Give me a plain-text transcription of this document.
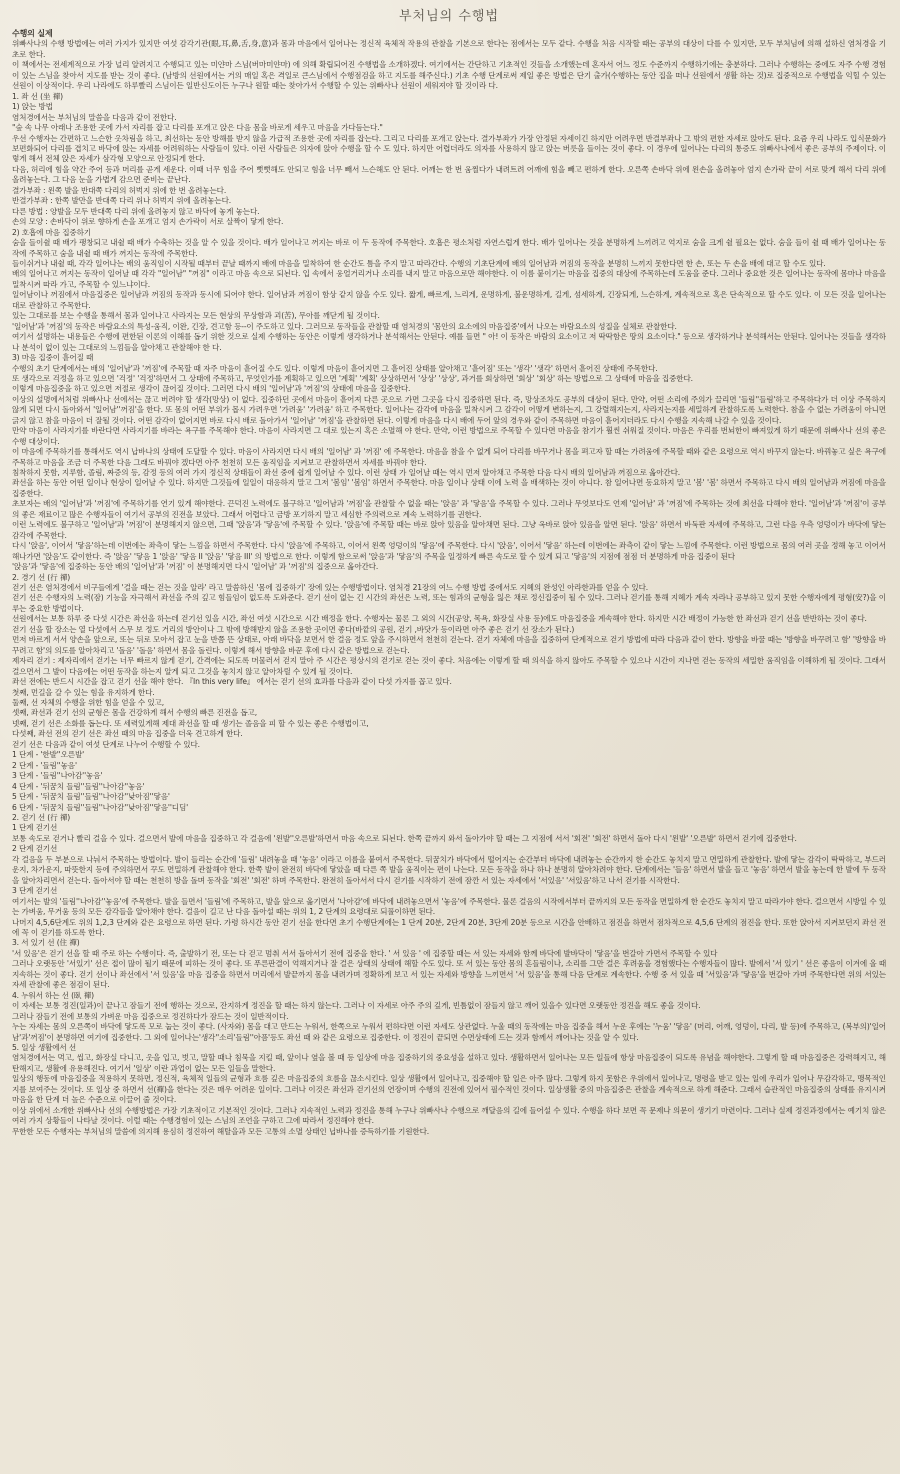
부처님의 수행법
수행의 실제
위빠사나의 수행 방법에는 여러 가지가 있지만 여섯 감각기관(眼,耳,鼻,舌,身,意)과 몸과 마음에서 일어나는 정신적 육체적 작용의 관찰을 기본으로 한다는 점에서는 모두 같다. 수행을 처음 시작할 때는 공부의 대상이 다를 수 있지만, 모두 부처님에 의해 설하신 염처경을 기초로 한다.
이 책에서는 전세계적으로 가장 널리 알려지고 수행되고 있는 미얀마 스님(버마미얀마) 에 의해 확립되어진 수행법을 소개하겠다. 여기에서는 간단하고 기초적인 것들을 소개했는데 혼자서 어느 정도 수준까지 수행하기에는 충분하다. 그러나 수행하는 중에도 자주 수행 경험이 있는 스님을 찾아서 지도를 받는 것이 좋다. (남방의 선원에서는 거의 매일 혹은 격일로 큰스님에서 수행점검을 하고 지도를 해주신다.) 기초 수행 단계로써 제일 좋은 방법은 단기 출가(수행하는 동안 집을 떠나 선원에서 생활 하는 것)로 집중적으로 수행법을 익힐 수 있는 선원이 이상적이다. 우리 나라에도 하루빨리 스님이든 일반신도이든 누구나 원할 때는 찾아가서 수행할 수 있는 위빠사나 선원이 세워져야 할 것이라 다.
1. 좌 선 (坐 禪)
1) 앉는 방법
염처경에서는 부처님의 말씀을 다음과 같이 전한다.
"숲 속 나무 아래나 조용한 곳에 가서 자리를 잡고 다리를 포개고 앉은 다음 몸을 바로게 세우고 마음을 가다듬는다."
우선 수행자는 간편하고 느슨한 옷차림을 하고, 최선하는 동안 방해를 받지 않을 가급적 조용한 곳에 자리를 잡는다. 그리고 다리를 포개고 앉는다. 결가부좌가 가장 안정된 자세이긴 하지만 어려우면 반결부좌나 그 밖의 편한 자세로 앉아도 된다. 요즘 우리 나라도 입식문화가 보편화되어 다리를 겹치고 바닥에 앉는 자세를 어려워하는 사람들이 있다. 이런 사람들은 의자에 앉아 수행을 할 수 도 있다. 하지만 어렵더라도 의자를 사용하지 않고 앉는 버릇을 들이는 것이 좋다. 이 경우에 일어나는 다리의 통증도 위빠사나에서 좋은 공부의 주제이다. 이렇게 해서 전체 앉은 자세가 삼각형 모양으로 안정되게 한다.
다음, 허리에 힘을 약간 주어 등과 머리를 곧게 세운다. 이때 너무 힘을 주어 뻣뻣해도 안되고 힘을 너무 빼서 느슨해도 안 된다. 어깨는 한 번 움찔다가 내려트려 어깨에 힘을 빼고 편하게 한다. 오른쪽 손바닥 위에 왼손을 올려놓아 엄지 손가락 끝이 서로 맞게 해서 다리 위에 올려놓는다. 그 다음 눈을 가볍게 감으면 준비는 끝난다.
결가부좌 : 왼쪽 발을 반대쪽 다리의 허벅지 위에 한 번 올려놓는다.
반결가부좌 : 한쪽 발만을 반대쪽 다리 위나 허벅지 위에 올려놓는다.
다른 방법 : 양발을 모두 반대쪽 다리 위에 올려놓지 않고 바닥에 놓게 놓는다.
손의 모양 : 손바닥이 위로 향하게 손을 포개고 엄지 손가락이 서로 살짝이 닿게 한다.
2) 호흡에 마음 집중하기
숨을 들이쉴 때 배가 팽창되고 내쉴 때 배가 수축하는 것을 알 수 있을 것이다. 배가 일어나고 꺼지는 바로 이 두 동작에 주목한다. 호흡은 평소처럼 자연스럽게 한다. 배가 일어나는 것을 분명하게 느끼려고 억지로 숨을 크게 쉴 필요는 없다. 숨을 들이 쉴 때 배가 일어나는 동작에 주목하고 숨을 내쉴 때 배가 꺼지는 동작에 주목한다.
들이쉬거나 내쉴 때, 각각 일어나는 배의 움직임이 시작될 때부터 끝날 때까지 배에 마음을 밀착하여 한 순간도 틈을 주지 말고 따라간다. 수행의 기초단계에 배의 일어남과 꺼짐의 동작을 분명히 느끼지 못한다면 한 손, 또는 두 손을 배에 대고 할 수도 있다.
배의 일어나고 꺼지는 동작이 일어날 때 각각 "일어남" "꺼짐" 이라고 마음 속으로 되뇐다. 입 속에서 웅얼거리거나 소리를 내지 말고 마음으로만 해야한다. 이 이름 붙이기는 마음을 집중의 대상에 주목하는데 도움을 준다. 그러나 중요한 것은 일어나는 동작에 몸마나 마음을 밀착시켜 따라 가고, 주목할 수 있느냐이다.
일어남이나 꺼짐에서 마음집중은 일어남과 꺼짐의 동작과 동시에 되어야 한다. 일어남과 꺼짐이 함상 같지 않을 수도 있다. 짧게, 빠르게, 느리게, 운명하게, 불운명하게, 길게, 섬세하게, 긴장되게, 느슨하게, 계속적으로 혹은 단속적으로 할 수도 있다. 이 모든 것을 일어나는 대로 관찰하고 주목한다.
있는 그대로를 보는 수행을 통해서 몸과 일어나고 사라지는 모든 현상의 무상함과 괴(苦), 무아를 깨닫게 될 것이다.
'일어남'과 '꺼짐'의 동작은 바람요소의 특성-움직, 이완, 긴장, 견고함 등--이 주도하고 있다. 그러므로 동작들을 관찰할 때 염처경의 '몸안의 요소에의 마음집중'에서 나오는 바람요소의 성질을 실체로 관찰한다.
여기서 설명하는 내용들은 수행에 편한된 이론의 이해를 돕기 위한 것으로 실제 수행하는 동안은 이렇게 생각하거나 분석해서는 안된다. 예를 들면 " 아! 이 동작은 바람의 요소이고 저 딱딱함은 땅의 요소이다." 등으로 생각하거나 분석해서는 안된다. 일어나는 것들을 생각하나 분석이 없이 있는 그대로의 느낌들을 알아채고 관찰해야 한 다.
3) 마음 집중이 흩어질 때
수행의 초기 단계에서는 배의 '일어남'과 '꺼짐'에 주목할 때 자주 마음이 흩어질 수도 있다. 이렇게 마음이 흩어지면 그 흩어진 상태를 알아채고 '흩어짐' 또는 '생각' '생각' 하면서 흩어진 상태에 주목한다.
또 생각으로 걱정을 하고 있으면 '걱정' '걱정'하면서 그 상태에 주목하고, 무엇인가를 계획하고 있으면 '계획' '계획' 상상하면서 '상상' '상상', 과거를 회상하면 '회상' '회상' 하는 방법으로 그 상태에 마음을 집중한다.
이렇게 마음집중을 하고 있으면 저절로 생각이 끊어질 것이다. 그러면 다시 배의 '일어남'과 '꺼짐'의 상태에 마음을 집중한다.
이상의 설명에서처럼 위빠사나 선에서는 끊고 버려야 할 생각(망상) 이 없다. 집중하던 곳에서 마음이 흩어져 다른 곳으로 가면 그곳을 다시 집중하면 된다. 즉, 망상조차도 공부의 대상이 된다. 만약, 어떤 소리에 주의가 끌리면 '들림''들림'하고 주목하다가 더 이상 주목하지 않게 되면 다시 돌아와서 '일어남''꺼짐'을 한다. 또 몸의 어떤 부위가 몹시 가려우면 '가려움' '가려움' 하고 주목한다. 일어나는 감각에 마음을 밀착시켜 그 감각이 어떻게 변하는지, 그 강렬해지는지, 사라지는지를 세밀하게 관찰하도록 노력한다. 참을 수 없는 가려움이 아니면 긁지 않고 참을 마음이 더 잘될 것이다. 어떤 감각이 없어지면 바로 다시 배로 돌아가서 '일어남' '꺼짐'을 관찰하면 된다. 이렇게 마음을 다시 배에 두어 앞의 경우와 같이 주목하면 마음이 흩어지더라도 다시 수행을 지속해 나갈 수 있을 것이다.
만약 마음이 사라지기를 바란다면 사라지기를 바라는 욕구를 주목해야 한다. 마음이 사라지면 그 대로 있는지 혹은 소멸해 야 한다. 만약, 이런 방법으로 주목할 수 있다면 마음을 참기가 훨씬 쉬워질 것이다. 마음은 우리를 번뇌한이 빠져있게 하기 때문에 위빠사나 선의 좋은 수행 대상이다.
이 마음에 주목하기를 통해서도 역시 납바나의 상태에 도달할 수 있다. 마음이 사라지면 다시 배의 '일어남' 과 '꺼짐' 에 주목한다. 마음을 참을 수 없게 되어 다리를 바꾸거나 몸을 펴고자 할 때는 가려움에 주목할 때와 같은 요령으로 역시 바꾸지 않는다. 바꿔놓고 싶은 욕구에 주목하고 마음을 조금 더 주목한 다음 그래도 바꿔야 겠다면 아주 천천히 모든 움직임을 지켜보고 관찰하면서 자세를 바꿔야 한다.
침착하지 못함, 지루함, 졸림, 짜증의 등, 감정 등의 여러 가지 정신적 상태들이 좌선 중에 쉽게 일어날 수 있다. 이런 상태 가 일어날 때는 역시 먼저 알아채고 주목한 다음 다시 배의 일어남과 꺼짐으로 옮아간다.
좌선을 하는 동안 어떤 일이나 현상이 일어날 수 있다. 하지만 그것들에 일일이 대응하지 말고 그저 '봄임' '봄임' 하면서 주목한다. 마음 일이나 상태 이에 노력 을 배색하는 것이 아니다. 참 일어나면 동요하지 말고 '봄' '봄' 하면서 주목하고 다시 배의 일어남과 꺼짐에 마음을 집중한다.
초보자는 배의 '일어남'과 '꺼짐'에 주목하기를 연기 있게 해야한다. 끈덕진 노력에도 불구하고 '일어남과 '꺼짐'을 관찰할 수 없을 때는 '앉음' 과 '닿음'을 주목할 수 있다. 그러나 무엇보다도 언제 '일어남' 과 '꺼짐'에 주목하는 것에 최선을 다해야 한다. '일어남'과 '꺼짐'이 공부의 좋은 재료이고 많은 수행자들이 여기서 공부의 진전을 보았다. 그래서 어렵다고 금방 포기하지 말고 세심한 주의력으로 계속 노력하기를 권한다.
이런 노력에도 불구하고 '일어남'과 '꺼짐'이 분명해지지 않으면, 그때 '앉음'과 '닿음'에 주목할 수 있다. '앉음'에 주목할 때는 바로 앉아 있음을 알아채면 된다. 그냥 옥바로 앉아 있음을 알면 된다. '앉음' 하면서 바둑판 자세에 주목하고, 그런 다음 우측 엉덩이가 바닥에 닿는 감각에 주목한다.
다시 '앉음', 이어서 '닿음'하는데 이번에는 좌측이 닿는 느낌을 하면서 주목한다. 다시 '앉음'에 주목하고, 이어서 왼쪽 엉덩이의 '닿음'에 주목한다. 다시 '앉음', 이어서 '닿음' 하는데 이번에는 좌측이 같이 닿는 느낌에 주목한다. 이런 방법으로 몸의 여러 곳을 정해 놓고 이어서 해나가면 '앉음'도 같이한다. 즉 '앉음' '닿음 1 '앉음' '닿음 II '앉음' '닿음 III' 의 방법으로 한다. 이렇게 함으로써 '앉음'과 '닿음'의 주목을 일정하게 빠른 속도로 할 수 있게 되고 '닿음'의 지점에 점점 더 분명하게 마음 집중이 된다
'앉음'과 '닿음'에 집중하는 동안 배의 '일어남'과 '꺼짐' 이 분명해지면 다시 '일어남' 과 '꺼짐'의 집중으로 옮아간다.
2. 경기 선 (行 禪)
걷기 선은 염처경에서 비구들에게 '걸을 때는 걷는 것을 알라' 라고 말씀하신 '몸에 집중하기' 장에 있는 수행방법이다. 염처경 21장의 여느 수행 방법 중에서도 지혜의 완성인 아라한과를 얻을 수 있다.
걷기 선은 수행자의 노력(잠) 기능을 자극해서 좌선을 주의 깊고 힘들임이 없도록 도와준다. 걷기 선이 없는 긴 시간의 좌선은 노력, 또는 힘과의 균형을 잃은 채로 정신집중이 될 수 있다. 그러나 걷기를 통해 지혜가 계속 자라나 공부하고 있지 못한 수행자에게 평형(安?)을 이루는 중요한 방법이다.
선원에서는 보통 하루 중 다섯 시간은 좌선을 하는데 걷기선 있을 시간, 좌선 여섯 시간으로 시간 배정을 한다. 수행자는 물론 그 외의 시간(공양, 목욕, 화장실 사용 등)에도 마음집중을 계속해야 한다. 하지만 시간 배정이 가능한 한 좌선과 걷기 선을 반반하는 것이 좋다.
걷기 선을 할 장소는 열 다섯에서 스무 보 정도 거리의 방안이나 그 밖에 방해받지 않을 조용한 곳이면 좋다(바깥의 공원, 걷기 ,바닷가 등이라면 아주 좋은 걷기 선 장소가 된다.)
먼저 바르게 서서 양손을 앞으로, 또는 뒤로 모아서 잡고 눈을 반쯤 뜬 상태로, 아래 바닥을 보면서 한 걸음 정도 앞을 주시하면서 천천히 걷는다. 걷기 자체에 마음을 집중하여 단계적으로 걷기 방법에 따라 다음과 같이 한다. 방향을 바꿀 때는 '방향을 바꾸려고 함' '방향을 바꾸려고 함'의 의도를 알아차리고 '돌음' '돌음' 하면서 몸을 돌린다. 이렇게 해서 방향을 바꾼 후에 다시 같은 방법으로 걷는다.
제자리 걷기 : 제자리에서 걷기는 너무 빠르지 않게 걷기, 간격에는 되도록 머물러서 걷지 말아 주 시간은 평상시의 걷기로 걷는 것이 좋다. 처음에는 이렇게 할 때 의식을 하지 않아도 주목할 수 있으나 시간이 지나면 걷는 동작의 세밀한 움직임을 이해하게 될 것이다. 그래서 걸으면서 그 발이 다음에는 어떤 동작을 하는지 알게 되고 그것을 놓치지 않고 알아차릴 수 있게 될 것이다.
좌선 전에는 반드시 시간을 잡고 걷기 선을 해야 한다. 『In this very life』 에서는 걷기 선의 효과를 다음과 같이 다섯 가지를 꼽고 있다.
첫째, 먼길을 갈 수 있는 힘을 유지하게 한다.
둘째, 선 자체의 수행을 위한 힘을 얻을 수 있고,
셋째, 좌선과 걷기 선의 균형은 몸을 건강하게 해서 수행의 빠른 진전을 돕고,
넷째, 걷기 선은 소화를 돕는다. 또 세력있게해 제대 좌선을 할 때 생기는 졸음을 피 할 수 있는 좋은 수행법이고,
다섯째, 좌선 전의 걷기 선은 좌선 때의 마음 집중을 더욱 견고하게 한다.
걷기 선은 다음과 같이 여섯 단계로 나누어 수행할 수 있다.
1 단계 - '한발''오른발'
2 단계 - '들림''놓음'
3 단계 - '들림''나아감''놓음'
4 단계 - '뒤꿈치 들림''들림''나아감''놓음'
5 단계 - '뒤꿈치 들림''들림''나아감''낮아짐''닿음'
6 단계 - '뒤꿈치 들림''들림''나아감''낮아짐''닿음''디딤'
2. 걷기 선 (行 禪)
1 단계 걷기선
보통 속도로 걷거나 빨리 걸을 수 있다. 걸으면서 발에 마음을 집중하고 각 걸음에 '왼발''오른발'하면서 마음 속으로 되뇐다. 한쪽 끝까지 와서 돌아가야 할 때는 그 지점에 서서 '회전' '회전' 하면서 돌아 다시 '왼발' '오른발' 하면서 걷기에 집중한다.
2 단계 걷기선
각 걸음을 두 부분으로 나눠서 주목하는 방법이다. 발이 들리는 순간에 '들림' 내려놓을 때 '놓음' 이라고 이름을 붙여서 주목한다. 뒤꿈치가 바닥에서 떨어지는 순간부터 바닥에 내려놓는 순간까지 한 순간도 놓치지 말고 면밀하게 관찰한다. 발에 닿는 감각이 딱딱하고, 부드러운지, 차가운지, 따뜻한지 등에 주의하면서 꾸도 면밀하게 관찰해야 한다. 한쪽 발이 완전히 바닥에 닿았을 때 다른 쪽 발을 움직이는 편이 나는다. 모든 동작을 하나 하나 분명히 알아차려야 한다. 단계에서는 '들음' 하면서 발을 들고 '놓음' 하면서 발을 놓는데 한 발에 두 동작을 알아차리면서 걷는다. 돌아서야 할 때는 천천히 방을 돌며 동작을 '회전' '회전' 하며 주목한다. 완전히 돌아서서 다시 걷기를 시작하기 전에 잠깐 서 있는 자세에서 '서있음' '서있음'하고 나서 걷기를 시작한다.
3 단계 걷기선
여기서는 발의 '들림''나아감''놓음'에 주목한다. 발을 들면서 '들림'에 주목하고, 발을 앞으로 옮기면서 '나아감'에 바닥에 내려놓으면서 '놓음'에 주목한다. 물론 걸음의 시작에서부터 끝까지의 모든 동작을 면밀하게 한 순간도 놓치지 말고 따라가야 한다. 걸으면서 시방일 수 있는 가벼움, 무거움 등의 모든 감각들을 알아채야 한다. 걸음이 길고 난 다음 돌아설 때는 위의 1, 2 단계의 요령대로 되풀이하면 된다.
나머지 4,5,6단계도 위의 1,2,3 단계와 같은 요령으로 하면 된다. 가령 하시간 동안 걷기 선을 한다면 초기 수행단계에는 1 단계 20분, 2단계 20분, 3단계 20분 등으로 시간을 안배하고 점진을 하면서 점차적으로 4,5,6 단계의 점진을 한다. 또한 앉아서 지켜보던지 좌선 전에 꼭 이 걷기를 하도록 한다.
3. 서 있기 선 (住 禪)
'서 있음'은 걷기 선을 할 때 주로 하는 수행이다. 즉, 출발하기 전, 또는 다 걷고 멈춰 서서 돌아서기 전에 집중을 한다. ' 서 있음 ' 에 집중할 때는 서 있는 자세와 함께 바닥에 발바닥이 '닿음'을 번갈아 가면서 주목할 수 있다
그러나 오랫동안 '서있기' 선은 접이 많이 될기 때문에 피하는 것이 좋다. 또 푸른판결이 억해지거나 잘 걸은 상태의 상태에 해할 수도 있다. 또 서 있는 동안 몸의 흔들림이나, 소리를 그만 걸은 후려움을 경험했다는 수행자들이 많다. 발에서 '서 있기 ' 선은 좋음이 이겨에 올 때 지속하는 것이 좋다. 걷기 선이나 좌선에서 '서 있음'을 마음 집중을 하면서 머리에서 발끝까지 몸을 내려가며 정확하게 보고 서 있는 자세와 방향을 느끼면서 '서 있음'을 통해 다음 단계로 계속한다. 수행 중 서 있을 때 '서있음'과 '닿음'을 번갈아 가며 주목한다면 위의 서있는 자세 관찰에 좋은 점검이 된다.
4. 누워서 하는 선 (臥 禪)
이 자세는 보통 정진(일과)이 끝나고 잠들기 전에 행하는 것으로, 잔지하게 정진을 할 때는 하지 않는다. 그러나 이 자세로 아주 주의 깊게, 빈틈없이 잠들지 않고 깨어 있을수 있다면 오랫동안 정진을 해도 좋을 것이다.
그러나 잠들기 전에 보통의 가벼운 마음 집중으로 정진하다가 잠드는 것이 일반적이다.
누는 자세는 몸의 오른쪽이 바닥에 닿도록 모로 눕는 것이 좋다. (사자와) 몸을 대고 만드는 누워서, 한쪽으로 누워서 편하다면 이런 자세도 상관없다. 누울 때의 동작에는 마음 집중을 해서 누운 후에는 '누움' '닿음' (머리, 어깨, 엉덩이, 다리, 발 등)에 주목하고, (복부의)'일어남'과'꺼짐'이 분명하면 여기에 집중한다. 그 외에 일어나는'생각''소리'들림''아픔'등도 좌선 때 와 같은 요령으로 집중한다. 이 정진이 끝되면 수면상태에 드는 것과 함께서 깨어나는 것을 알 수 있다.
5. 일상 생활에서 선
염처경에서는 먹고, 씹고, 화장실 다니고, 옷을 입고, 벗고, 말할 때나 침묵을 지킬 때, 앞이나 옆을 볼 때 등 일상에 마음 집중하기의 중요성을 설하고 있다. 생활하면서 일어나는 모든 일들에 항상 마음집중이 되도록 유념을 해야한다. 그렇게 할 때 마음집중은 강력해지고, 해탄해지고, 생활에 유용해진다. 여기서 '일상' 이란 과업이 없는 모든 일들을 말한다.
일상의 행동에 마음집중을 적용하지 못하면, 정신적, 육체적 일들의 균형과 흐름 깊은 마음집중의 흐름을 끊소시킨다. 일상 생활에서 일어나고, 집중해야 할 일은 아주 많다. 그렇게 하지 못함은 우위에서 일어나고, 명령을 받고 있는 일에 우리가 일어나 무감각하고, 맹목적인지를 보여주는 것이다. 또 일상 중 하면서 선(禪)을 한다는 것은 매우 어려운 일이다. 그러나 이것은 좌선과 걷기선의 연장이며 수행의 진전에 있어서 필수적인 것이다. 일상생활 중의 마음집중은 관찰을 계속적으로 하게 해준다. 그래서 습관적인 마음집중의 상태를 유지시켜 마음을 한 단계 더 높은 수준으로 이끌어 줄 것이다.
이상 위에서 소개한 위빠사나 선의 수행방법은 가장 기초적이고 기본적인 것이다. 그러나 지속적인 노력과 정진을 통해 누구나 위빠사나 수행으로 깨달음의 길에 들어설 수 있다. 수행을 하다 보면 꼭 문제나 의문이 생기기 마련이다. 그러나 실제 정진과정에서는 예기치 않은 여러 가지 상황들이 나타날 것이다. 이럴 때는 수행경험이 있는 스님의 조언을 구하고 그에 따라서 정진해야 한다.
무한한 모든 수행자는 부처님의 말씀에 의지해 용심히 정진하여 해탈을과 모든 고통의 소멸 상태인 닙바나를 증득하기를 기원한다.
